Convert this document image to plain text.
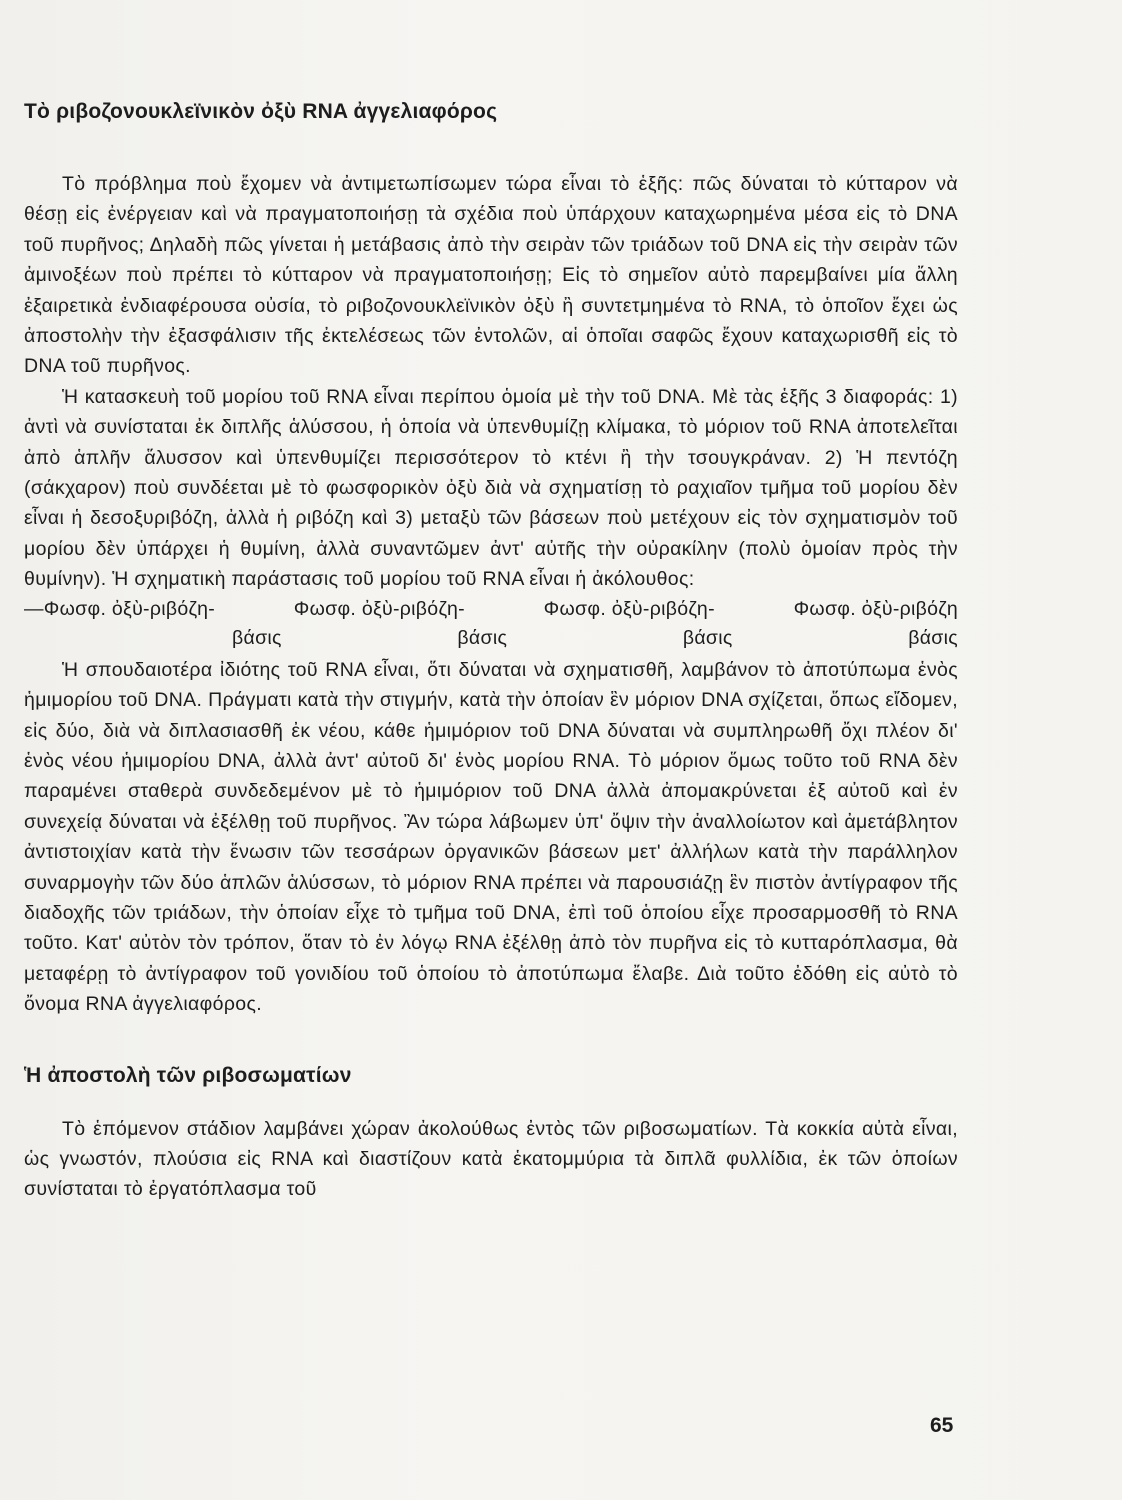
Τὸ ριβοζονουκλεϊνικὸν ὀξὺ RNA ἀγγελιαφόρος

Τὸ πρόβλημα ποὺ ἔχομεν νὰ ἀντιμετωπίσωμεν τώρα εἶναι τὸ ἑξῆς: πῶς δύναται τὸ κύτταρον νὰ θέσῃ εἰς ἐνέργειαν καὶ νὰ πραγματοποιήσῃ τὰ σχέδια ποὺ ὑπάρχουν καταχωρημένα μέσα εἰς τὸ DNA τοῦ πυρῆνος; Δηλαδὴ πῶς γίνεται ἡ μετάβασις ἀπὸ τὴν σειρὰν τῶν τριάδων τοῦ DNA εἰς τὴν σειρὰν τῶν ἀμινοξέων ποὺ πρέπει τὸ κύτταρον νὰ πραγματοποιήσῃ; Εἰς τὸ σημεῖον αὐτὸ παρεμβαίνει μία ἄλλη ἐξαιρετικὰ ἐνδιαφέρουσα οὐσία, τὸ ριβοζονουκλεϊνικὸν ὀξὺ ἢ συντετμημένα τὸ RNA, τὸ ὁποῖον ἔχει ὡς ἀποστολὴν τὴν ἐξασφάλισιν τῆς ἐκτελέσεως τῶν ἐντολῶν, αἱ ὁποῖαι σαφῶς ἔχουν καταχωρισθῆ εἰς τὸ DNA τοῦ πυρῆνος.

Ἡ κατασκευὴ τοῦ μορίου τοῦ RNA εἶναι περίπου ὁμοία μὲ τὴν τοῦ DNA. Μὲ τὰς ἑξῆς 3 διαφοράς: 1) ἀντὶ νὰ συνίσταται ἐκ διπλῆς ἁλύσσου, ἡ ὁποία νὰ ὑπενθυμίζῃ κλίμακα, τὸ μόριον τοῦ RNA ἀποτελεῖται ἀπὸ ἁπλῆν ἅλυσσον καὶ ὑπενθυμίζει περισσότερον τὸ κτένι ἢ τὴν τσουγκράναν. 2) Ἡ πεντόζη (σάκχαρον) ποὺ συνδέεται μὲ τὸ φωσφορικὸν ὀξὺ διὰ νὰ σχηματίσῃ τὸ ραχιαῖον τμῆμα τοῦ μορίου δὲν εἶναι ἡ δεσοξυριβόζη, ἀλλὰ ἡ ριβόζη καὶ 3) μεταξὺ τῶν βάσεων ποὺ μετέχουν εἰς τὸν σχηματισμὸν τοῦ μορίου δὲν ὑπάρχει ἡ θυμίνη, ἀλλὰ συναντῶμεν ἀντ' αὐτῆς τὴν οὐρακίλην (πολὺ ὁμοίαν πρὸς τὴν θυμίνην). Ἡ σχηματικὴ παράστασις τοῦ μορίου τοῦ RNA εἶναι ἡ ἀκόλουθος:

—Φωσφ. ὀξὺ-ριβόζη-	Φωσφ. ὀξὺ-ριβόζη-	Φωσφ. ὀξὺ-ριβόζη-	Φωσφ. ὀξὺ-ριβόζη
βάσις	βάσις	βάσις	βάσις

Ἡ σπουδαιοτέρα ἰδιότης τοῦ RNA εἶναι, ὅτι δύναται νὰ σχηματισθῆ, λαμβάνον τὸ ἀποτύπωμα ἑνὸς ἡμιμορίου τοῦ DNA. Πράγματι κατὰ τὴν στιγμήν, κατὰ τὴν ὁποίαν ἓν μόριον DNA σχίζεται, ὅπως εἴδομεν, εἰς δύο, διὰ νὰ διπλασιασθῆ ἐκ νέου, κάθε ἡμιμόριον τοῦ DNA δύναται νὰ συμπληρωθῆ ὄχι πλέον δι' ἑνὸς νέου ἡμιμορίου DNA, ἀλλὰ ἀντ' αὐτοῦ δι' ἑνὸς μορίου RNA. Τὸ μόριον ὅμως τοῦτο τοῦ RNA δὲν παραμένει σταθερὰ συνδεδεμένον μὲ τὸ ἡμιμόριον τοῦ DNA ἀλλὰ ἀπομακρύνεται ἐξ αὐτοῦ καὶ ἐν συνεχείᾳ δύναται νὰ ἐξέλθῃ τοῦ πυρῆνος. Ἂν τώρα λάβωμεν ὑπ' ὄψιν τὴν ἀναλλοίωτον καὶ ἀμετάβλητον ἀντιστοιχίαν κατὰ τὴν ἕνωσιν τῶν τεσσάρων ὀργανικῶν βάσεων μετ' ἀλλήλων κατὰ τὴν παράλληλον συναρμογὴν τῶν δύο ἁπλῶν ἁλύσσων, τὸ μόριον RNA πρέπει νὰ παρουσιάζῃ ἓν πιστὸν ἀντίγραφον τῆς διαδοχῆς τῶν τριάδων, τὴν ὁποίαν εἶχε τὸ τμῆμα τοῦ DNA, ἐπὶ τοῦ ὁποίου εἶχε προσαρμοσθῆ τὸ RNA τοῦτο. Κατ' αὐτὸν τὸν τρόπον, ὅταν τὸ ἐν λόγῳ RNA ἐξέλθῃ ἀπὸ τὸν πυρῆνα εἰς τὸ κυτταρόπλασμα, θὰ μεταφέρῃ τὸ ἀντίγραφον τοῦ γονιδίου τοῦ ὁποίου τὸ ἀποτύπωμα ἔλαβε. Διὰ τοῦτο ἐδόθη εἰς αὐτὸ τὸ ὄνομα RNA ἀγγελιαφόρος.

Ἡ ἀποστολὴ τῶν ριβοσωματίων

Τὸ ἑπόμενον στάδιον λαμβάνει χώραν ἀκολούθως ἐντὸς τῶν ριβοσωματίων. Τὰ κοκκία αὐτὰ εἶναι, ὡς γνωστόν, πλούσια εἰς RNA καὶ διαστίζουν κατὰ ἑκατομμύρια τὰ διπλᾶ φυλλίδια, ἐκ τῶν ὁποίων συνίσταται τὸ ἐργατόπλασμα τοῦ

65
